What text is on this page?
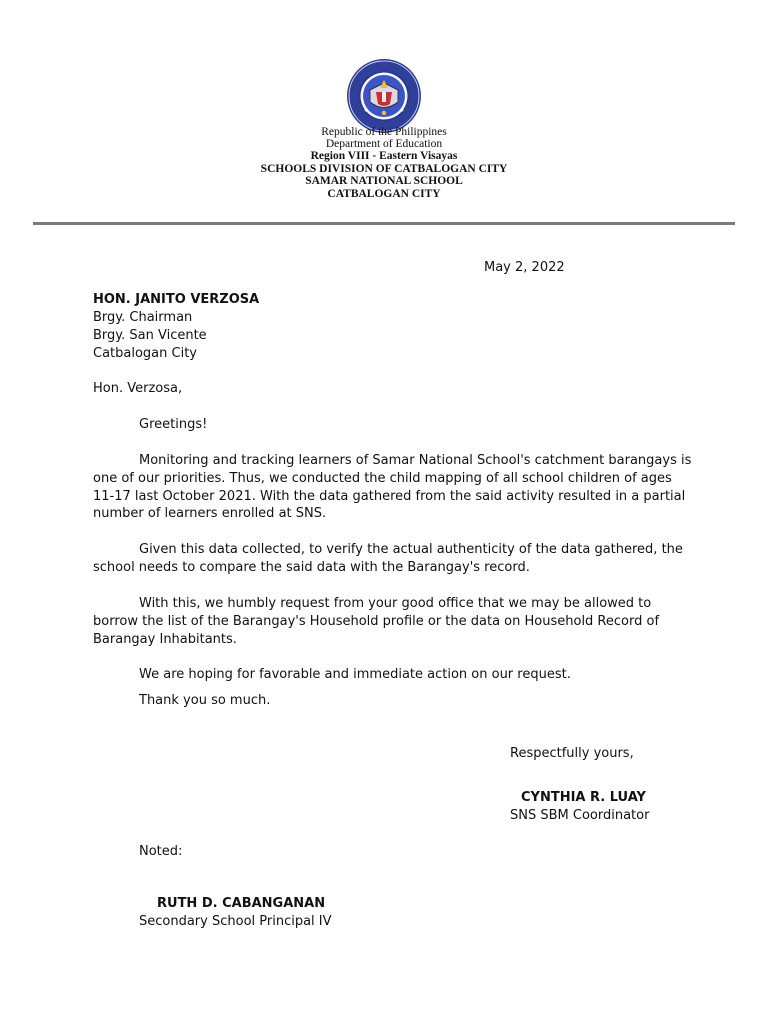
Republic of the Philippines
Department of Education
Region VIII - Eastern Visayas
SCHOOLS DIVISION OF CATBALOGAN CITY
SAMAR NATIONAL SCHOOL
CATBALOGAN CITY
May 2, 2022
HON. JANITO VERZOSA
Brgy. Chairman
Brgy. San Vicente
Catbalogan City
Hon. Verzosa,
Greetings!
Monitoring and tracking learners of Samar National School's catchment barangays is one of our priorities. Thus, we conducted the child mapping of all school children of ages 11-17 last October 2021. With the data gathered from the said activity resulted in a partial number of learners enrolled at SNS.
Given this data collected, to verify the actual authenticity of the data gathered, the school needs to compare the said data with the Barangay's record.
With this, we humbly request from your good office that we may be allowed to borrow the list of the Barangay's Household profile or the data on Household Record of Barangay Inhabitants.
We are hoping for favorable and immediate action on our request.
Thank you so much.
Respectfully yours,
CYNTHIA R. LUAY
SNS SBM Coordinator
Noted:
RUTH D. CABANGANAN
Secondary School Principal IV
